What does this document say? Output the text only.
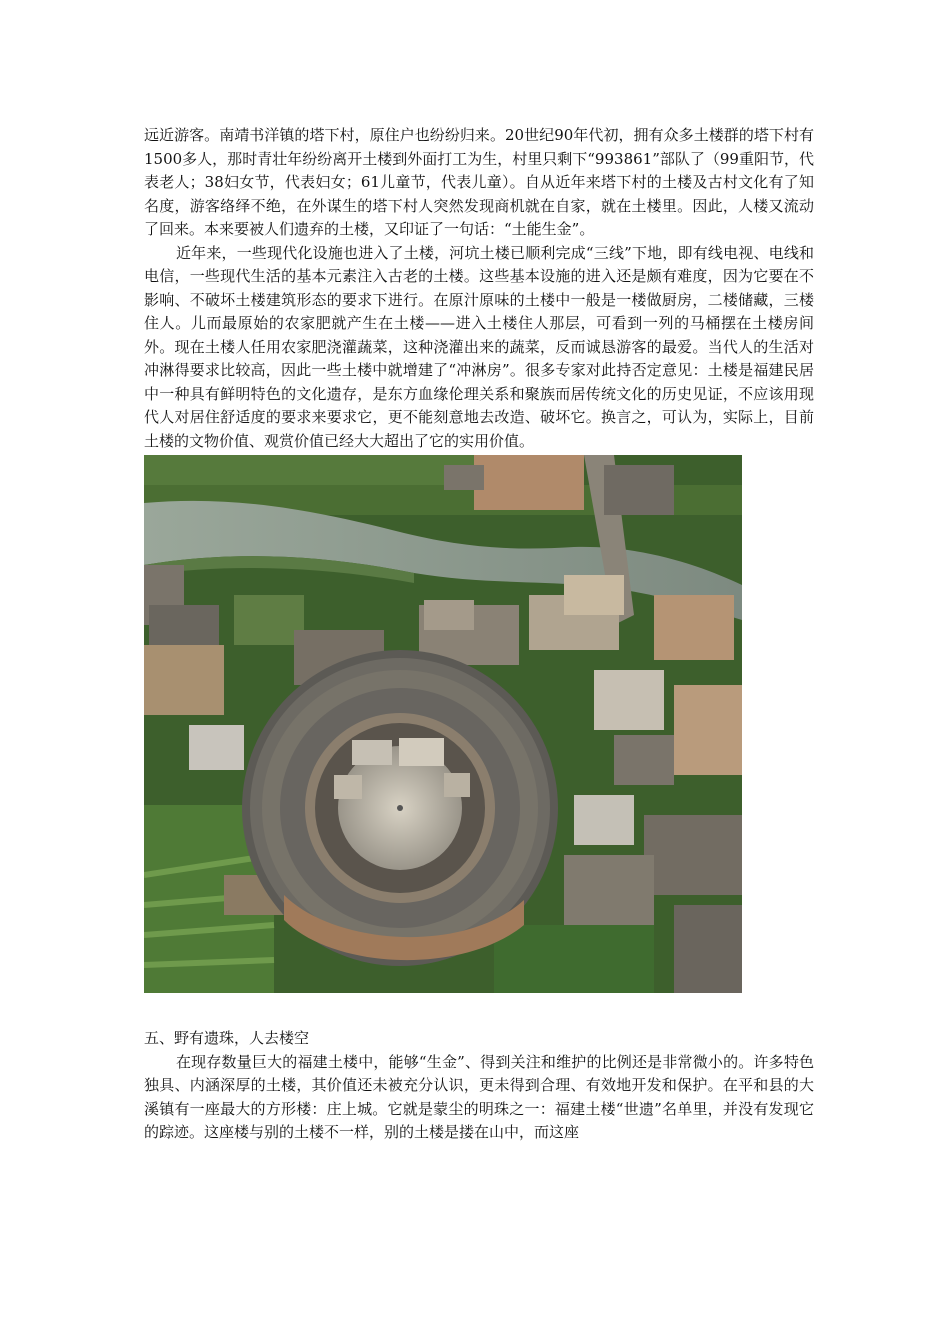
远近游客。南靖书洋镇的塔下村，原住户也纷纷归来。20世纪90年代初，拥有众多土楼群的塔下村有1500多人，那时青壮年纷纷离开土楼到外面打工为生，村里只剩下“993861”部队了（99重阳节，代表老人；38妇女节，代表妇女；61儿童节，代表儿童）。自从近年来塔下村的土楼及古村文化有了知名度，游客络绎不绝，在外谋生的塔下村人突然发现商机就在自家，就在土楼里。因此，人楼又流动了回来。本来要被人们遗弃的土楼，又印证了一句话：“土能生金”。

近年来，一些现代化设施也进入了土楼，河坑土楼已顺利完成“三线”下地，即有线电视、电线和电信，一些现代生活的基本元素注入古老的土楼。这些基本设施的进入还是颇有难度，因为它要在不影响、不破坏土楼建筑形态的要求下进行。在原汁原味的土楼中一般是一楼做厨房，二楼储藏，三楼住人。儿而最原始的农家肥就产生在土楼——进入土楼住人那层，可看到一列的马桶摆在土楼房间外。现在土楼人任用农家肥浇灌蔬菜，这种浇灌出来的蔬菜，反而诚恳游客的最爱。当代人的生活对冲淋得要求比较高，因此一些土楼中就增建了“冲淋房”。很多专家对此持否定意见：土楼是福建民居中一种具有鲜明特色的文化遗存，是东方血缘伦理关系和聚族而居传统文化的历史见证，不应该用现代人对居住舒适度的要求来要求它，更不能刻意地去改造、破坏它。换言之，可认为，实际上，目前土楼的文物价值、观赏价值已经大大超出了它的实用价值。

五、野有遗珠，人去楼空

在现存数量巨大的福建土楼中，能够“生金”、得到关注和维护的比例还是非常微小的。许多特色独具、内涵深厚的土楼，其价值还未被充分认识，更未得到合理、有效地开发和保护。在平和县的大溪镇有一座最大的方形楼：庄上城。它就是蒙尘的明珠之一：福建土楼“世遗”名单里，并没有发现它的踪迹。这座楼与别的土楼不一样，别的土楼是搂在山中，而这座
